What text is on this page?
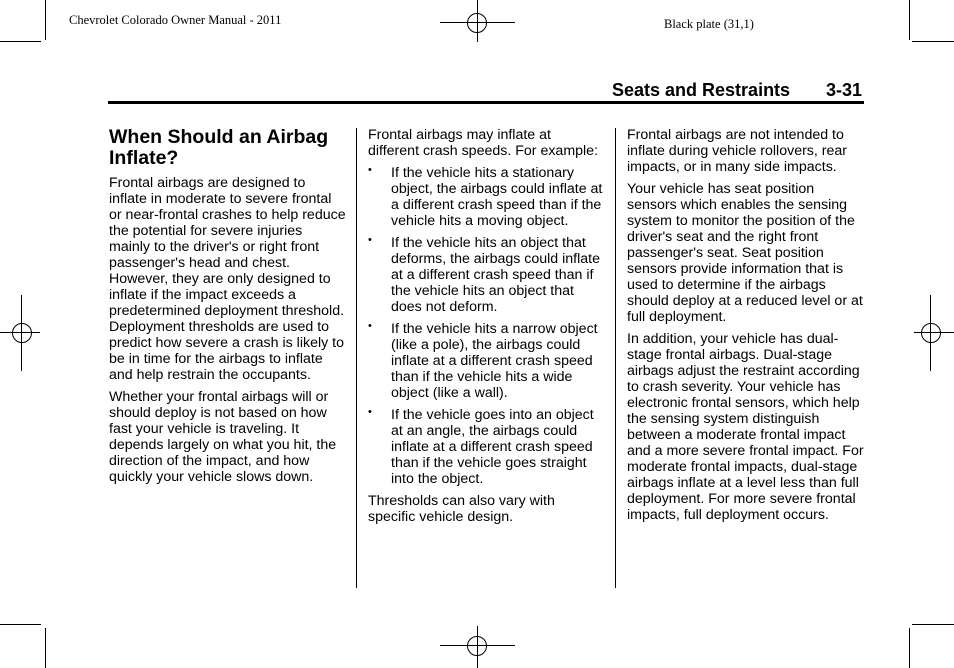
Chevrolet Colorado Owner Manual - 2011	Black plate (31,1)
Seats and Restraints 3-31
When Should an Airbag
Inflate?

Frontal airbags are designed to inflate in moderate to severe frontal or near-frontal crashes to help reduce the potential for severe injuries mainly to the driver's or right front passenger's head and chest. However, they are only designed to inflate if the impact exceeds a predetermined deployment threshold. Deployment thresholds are used to predict how severe a crash is likely to be in time for the airbags to inflate and help restrain the occupants.

Whether your frontal airbags will or should deploy is not based on how fast your vehicle is traveling. It depends largely on what you hit, the direction of the impact, and how quickly your vehicle slows down.

Frontal airbags may inflate at different crash speeds. For example:

• If the vehicle hits a stationary object, the airbags could inflate at a different crash speed than if the vehicle hits a moving object.
• If the vehicle hits an object that deforms, the airbags could inflate at a different crash speed than if the vehicle hits an object that does not deform.
• If the vehicle hits a narrow object (like a pole), the airbags could inflate at a different crash speed than if the vehicle hits a wide object (like a wall).
• If the vehicle goes into an object at an angle, the airbags could inflate at a different crash speed than if the vehicle goes straight into the object.

Thresholds can also vary with specific vehicle design.

Frontal airbags are not intended to inflate during vehicle rollovers, rear impacts, or in many side impacts.

Your vehicle has seat position sensors which enables the sensing system to monitor the position of the driver's seat and the right front passenger's seat. Seat position sensors provide information that is used to determine if the airbags should deploy at a reduced level or at full deployment.

In addition, your vehicle has dual-stage frontal airbags. Dual-stage airbags adjust the restraint according to crash severity. Your vehicle has electronic frontal sensors, which help the sensing system distinguish between a moderate frontal impact and a more severe frontal impact. For moderate frontal impacts, dual-stage airbags inflate at a level less than full deployment. For more severe frontal impacts, full deployment occurs.
